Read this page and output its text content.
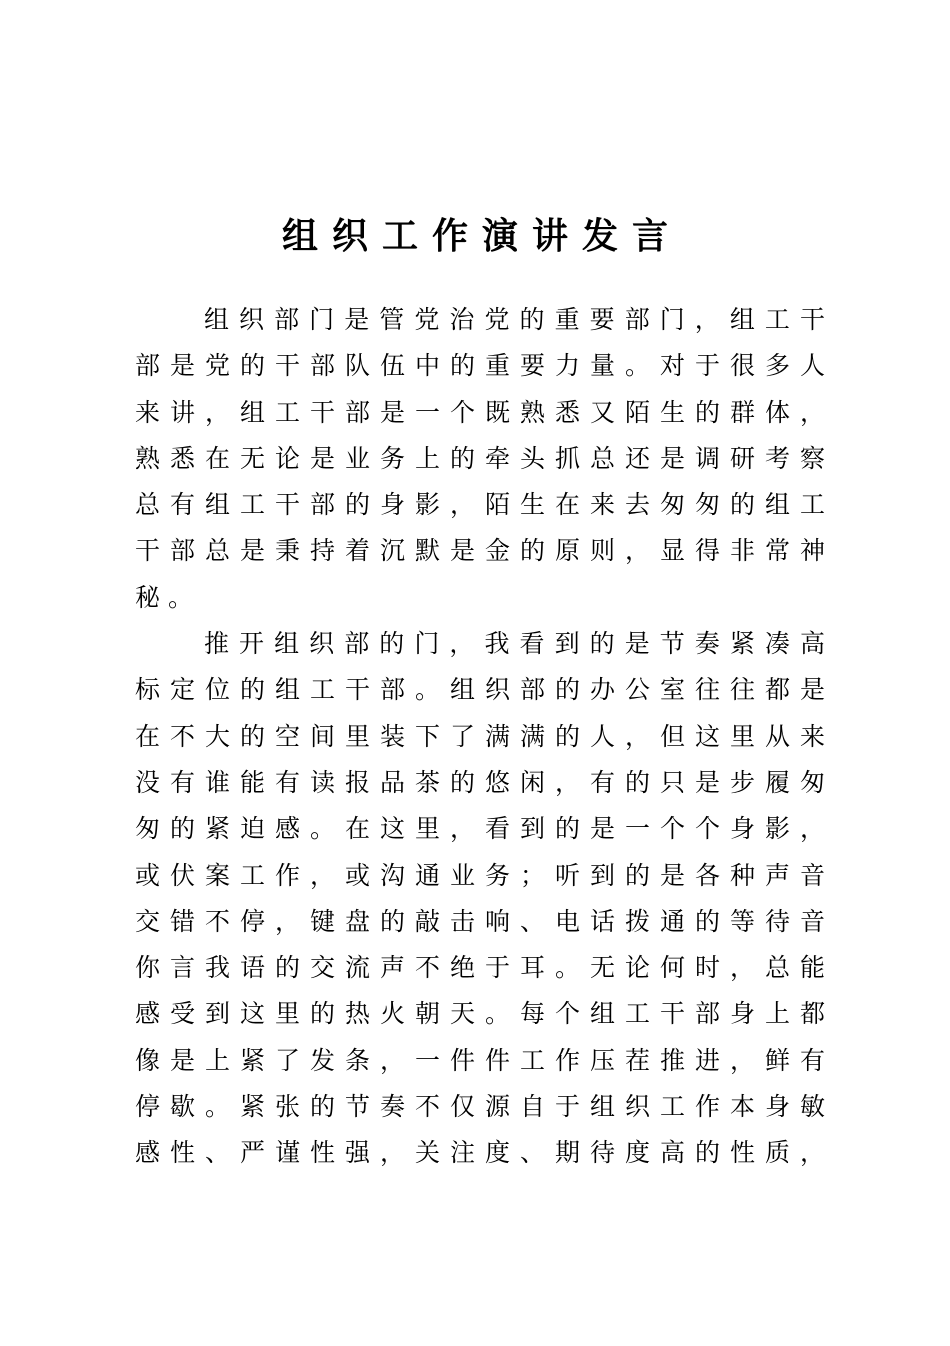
组织工作演讲发言
组织部门是管党治党的重要部门，组工干
部是党的干部队伍中的重要力量。对于很多人
来讲，组工干部是一个既熟悉又陌生的群体，
熟悉在无论是业务上的牵头抓总还是调研考察
总有组工干部的身影，陌生在来去匆匆的组工
干部总是秉持着沉默是金的原则，显得非常神
秘。
推开组织部的门，我看到的是节奏紧凑高
标定位的组工干部。组织部的办公室往往都是
在不大的空间里装下了满满的人，但这里从来
没有谁能有读报品茶的悠闲，有的只是步履匆
匆的紧迫感。在这里，看到的是一个个身影，
或伏案工作，或沟通业务；听到的是各种声音
交错不停，键盘的敲击响、电话拨通的等待音
你言我语的交流声不绝于耳。无论何时，总能
感受到这里的热火朝天。每个组工干部身上都
像是上紧了发条，一件件工作压茬推进，鲜有
停歇。紧张的节奏不仅源自于组织工作本身敏
感性、严谨性强，关注度、期待度高的性质，
